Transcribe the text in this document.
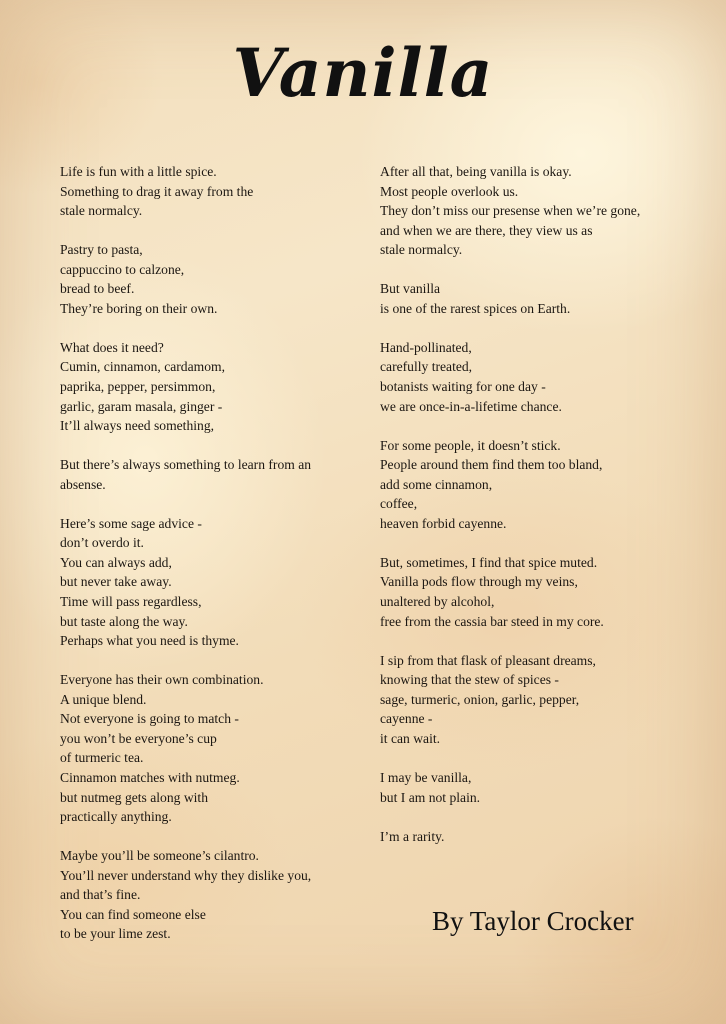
Vanilla
Life is fun with a little spice.
Something to drag it away from the
stale normalcy.
Pastry to pasta,
cappuccino to calzone,
bread to beef.
They’re boring on their own.
What does it need?
Cumin, cinnamon, cardamom,
paprika, pepper, persimmon,
garlic, garam masala, ginger -
It’ll always need something,
But there’s always something to learn from an
absense.
Here’s some sage advice -
don’t overdo it.
You can always add,
but never take away.
Time will pass regardless,
but taste along the way.
Perhaps what you need is thyme.
Everyone has their own combination.
A unique blend.
Not everyone is going to match -
you won’t be everyone’s cup
of turmeric tea.
Cinnamon matches with nutmeg.
but nutmeg gets along with
practically anything.
Maybe you’ll be someone’s cilantro.
You’ll never understand why they dislike you,
and that’s fine.
You can find someone else
to be your lime zest.
After all that, being vanilla is okay.
Most people overlook us.
They don’t miss our presense when we’re gone,
and when we are there, they view us as
stale normalcy.
But vanilla
is one of the rarest spices on Earth.
Hand-pollinated,
carefully treated,
botanists waiting for one day -
we are once-in-a-lifetime chance.
For some people, it doesn’t stick.
People around them find them too bland,
add some cinnamon,
coffee,
heaven forbid cayenne.
But, sometimes, I find that spice muted.
Vanilla pods flow through my veins,
unaltered by alcohol,
free from the cassia bar steed in my core.
I sip from that flask of pleasant dreams,
knowing that the stew of spices -
sage, turmeric, onion, garlic, pepper,
cayenne -
it can wait.
I may be vanilla,
but I am not plain.
I’m a rarity.
By Taylor Crocker
